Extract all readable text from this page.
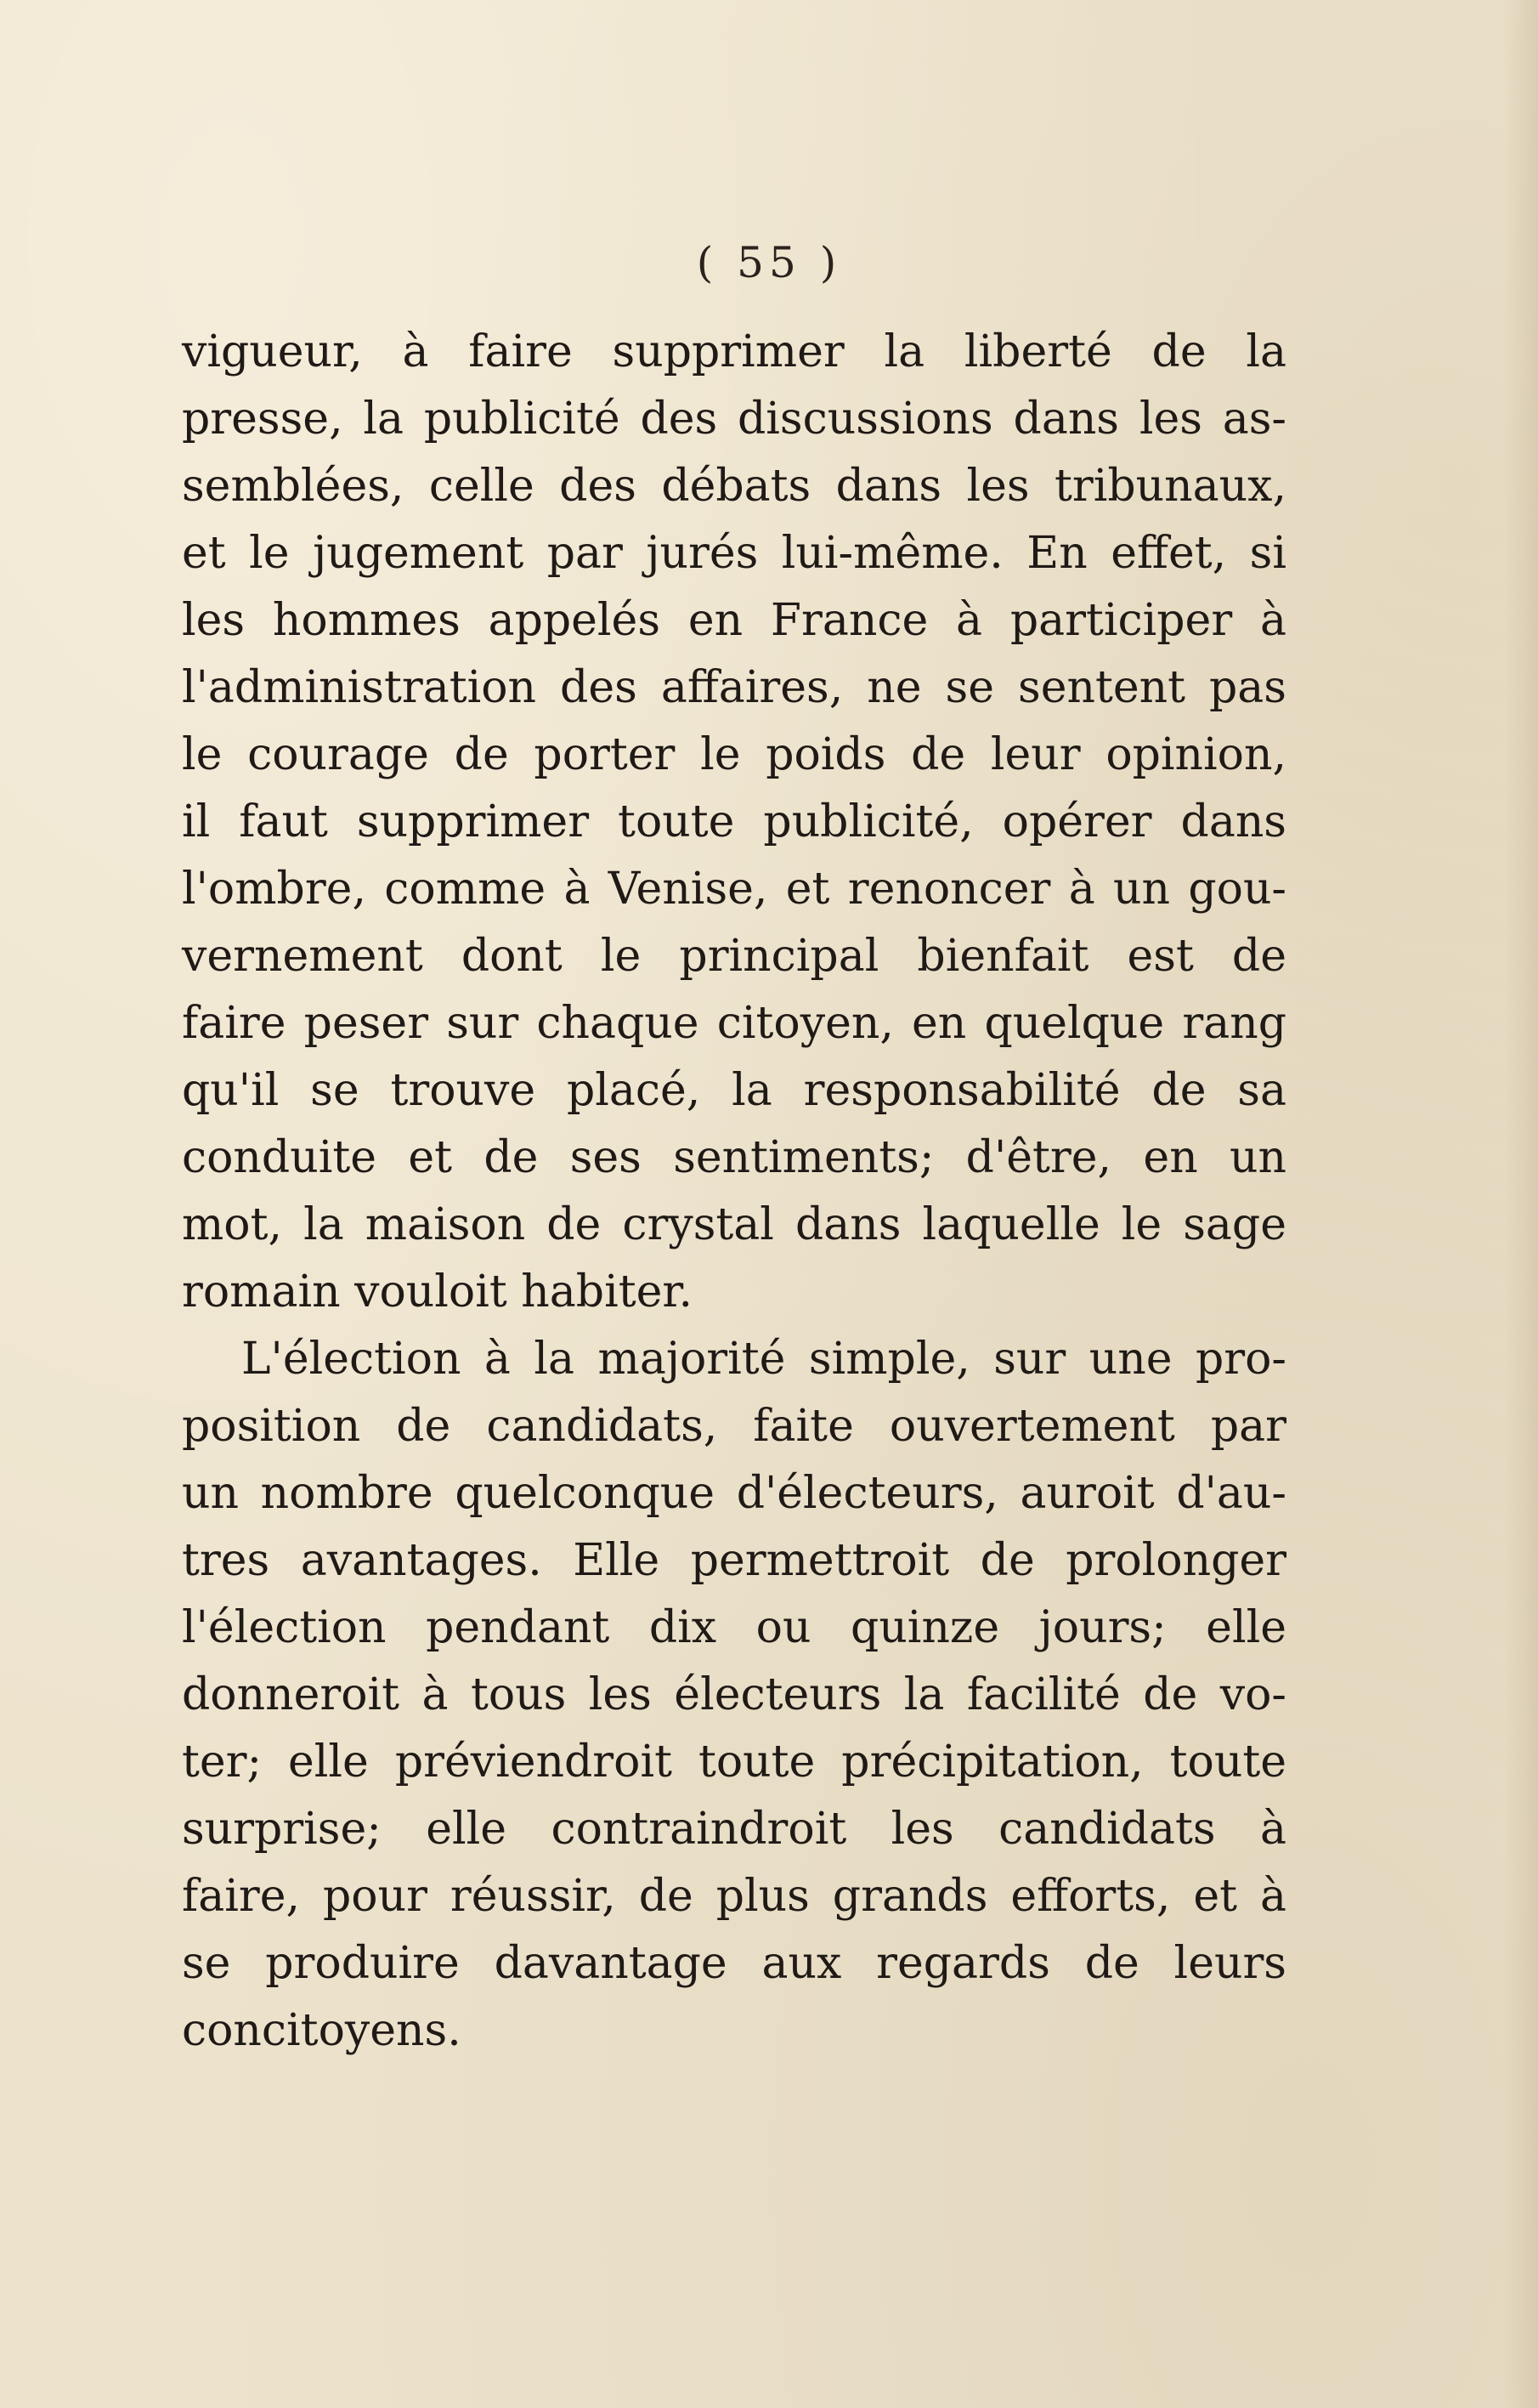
( 55 )
vigueur, à faire supprimer la liberté de la
presse, la publicité des discussions dans les as-
semblées, celle des débats dans les tribunaux,
et le jugement par jurés lui-même. En effet, si
les hommes appelés en France à participer à
l'administration des affaires, ne se sentent pas
le courage de porter le poids de leur opinion,
il faut supprimer toute publicité, opérer dans
l'ombre, comme à Venise, et renoncer à un gou-
vernement dont le principal bienfait est de
faire peser sur chaque citoyen, en quelque rang
qu'il se trouve placé, la responsabilité de sa
conduite et de ses sentiments; d'être, en un
mot, la maison de crystal dans laquelle le sage
romain vouloit habiter.
L'élection à la majorité simple, sur une pro-
position de candidats, faite ouvertement par
un nombre quelconque d'électeurs, auroit d'au-
tres avantages. Elle permettroit de prolonger
l'élection pendant dix ou quinze jours; elle
donneroit à tous les électeurs la facilité de vo-
ter; elle préviendroit toute précipitation, toute
surprise; elle contraindroit les candidats à
faire, pour réussir, de plus grands efforts, et à
se produire davantage aux regards de leurs
concitoyens.
